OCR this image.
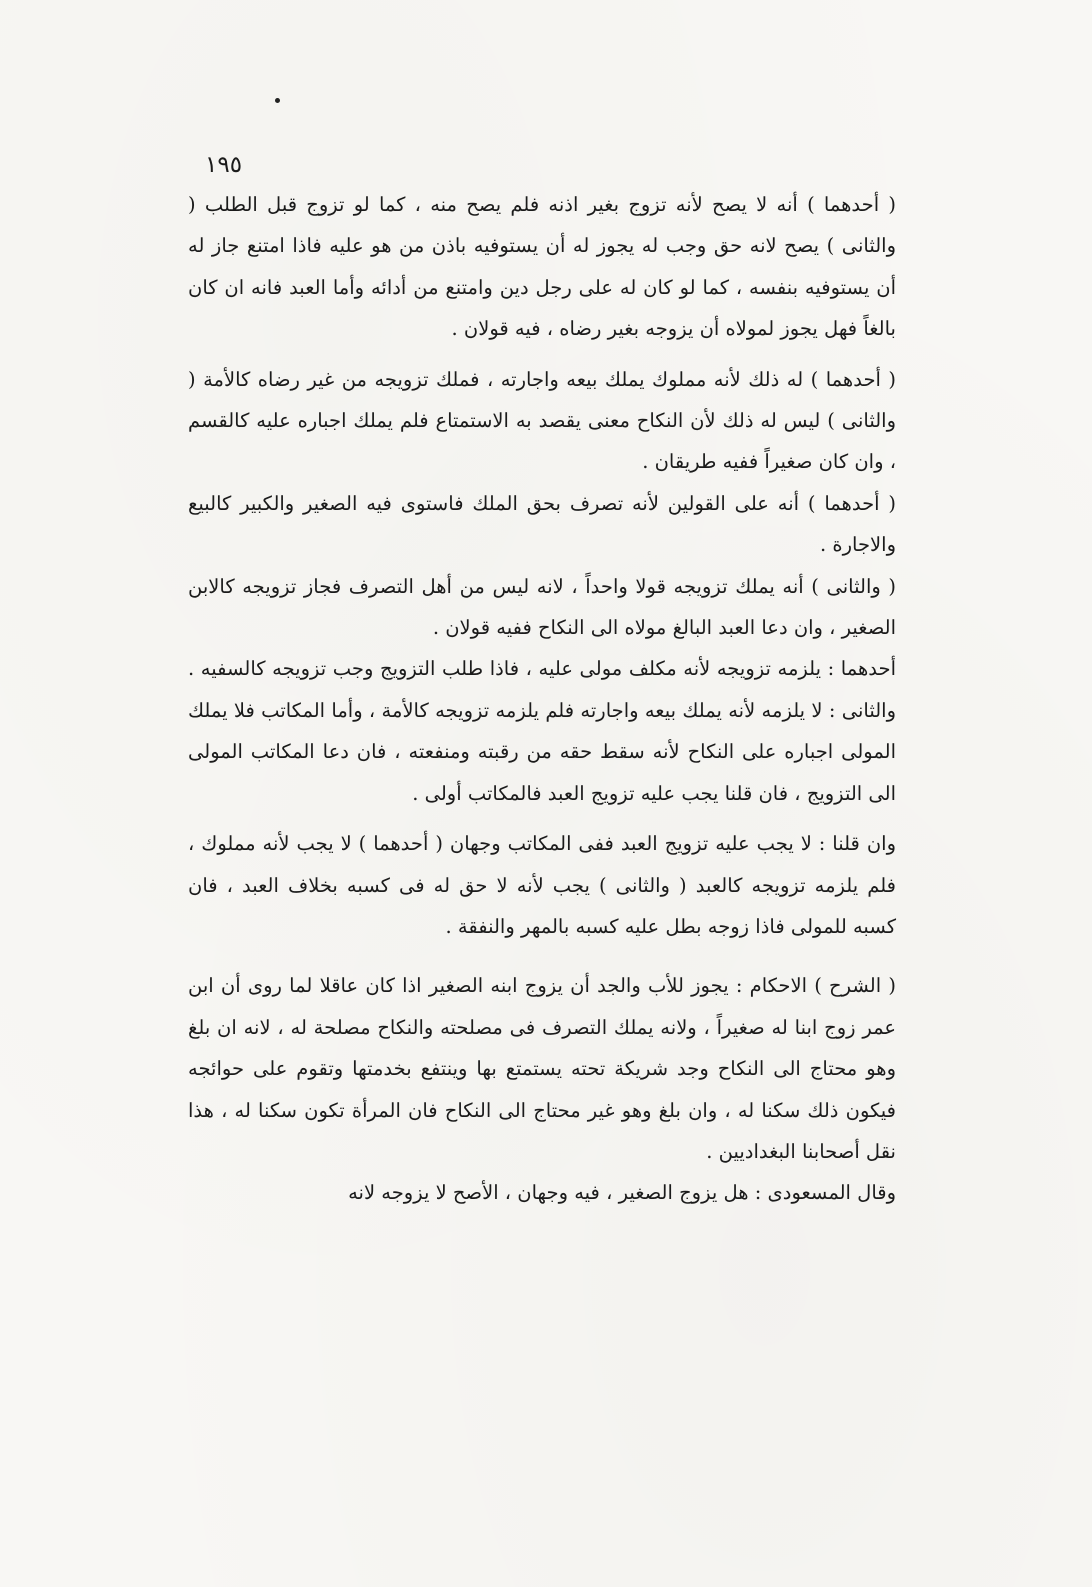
١٩٥

( أحدهما ) أنه لا يصح لأنه تزوج بغير اذنه فلم يصح منه ، كما لو تزوج قبل الطلب ( والثانى ) يصح لانه حق وجب له يجوز له أن يستوفيه باذن من هو عليه فاذا امتنع جاز له أن يستوفيه بنفسه ، كما لو كان له على رجل دين وامتنع من أدائه وأما العبد فانه ان كان بالغاً فهل يجوز لمولاه أن يزوجه بغير رضاه ، فيه قولان .

( أحدهما ) له ذلك لأنه مملوك يملك بيعه واجارته ، فملك تزويجه من غير رضاه كالأمة ( والثانى ) ليس له ذلك لأن النكاح معنى يقصد به الاستمتاع فلم يملك اجباره عليه كالقسم ، وان كان صغيراً ففيه طريقان .

( أحدهما ) أنه على القولين لأنه تصرف بحق الملك فاستوى فيه الصغير والكبير كالبيع والاجارة .

( والثانى ) أنه يملك تزويجه قولا واحداً ، لانه ليس من أهل التصرف فجاز تزويجه كالابن الصغير ، وان دعا العبد البالغ مولاه الى النكاح ففيه قولان .

أحدهما : يلزمه تزويجه لأنه مكلف مولى عليه ، فاذا طلب التزويج وجب تزويجه كالسفيه . والثانى : لا يلزمه لأنه يملك بيعه واجارته فلم يلزمه تزويجه كالأمة ، وأما المكاتب فلا يملك المولى اجباره على النكاح لأنه سقط حقه من رقبته ومنفعته ، فان دعا المكاتب المولى الى التزويج ، فان قلنا يجب عليه تزويج العبد فالمكاتب أولى .

وان قلنا : لا يجب عليه تزويج العبد ففى المكاتب وجهان ( أحدهما ) لا يجب لأنه مملوك ، فلم يلزمه تزويجه كالعبد ( والثانى ) يجب لأنه لا حق له فى كسبه بخلاف العبد ، فان كسبه للمولى فاذا زوجه بطل عليه كسبه بالمهر والنفقة .

( الشرح ) الاحكام : يجوز للأب والجد أن يزوج ابنه الصغير اذا كان عاقلا لما روى أن ابن عمر زوج ابنا له صغيراً ، ولانه يملك التصرف فى مصلحته والنكاح مصلحة له ، لانه ان بلغ وهو محتاج الى النكاح وجد شريكة تحته يستمتع بها وينتفع بخدمتها وتقوم على حوائجه فيكون ذلك سكنا له ، وان بلغ وهو غير محتاج الى النكاح فان المرأة تكون سكنا له ، هذا نقل أصحابنا البغداديين .

وقال المسعودى : هل يزوج الصغير ، فيه وجهان ، الأصح لا يزوجه لانه
